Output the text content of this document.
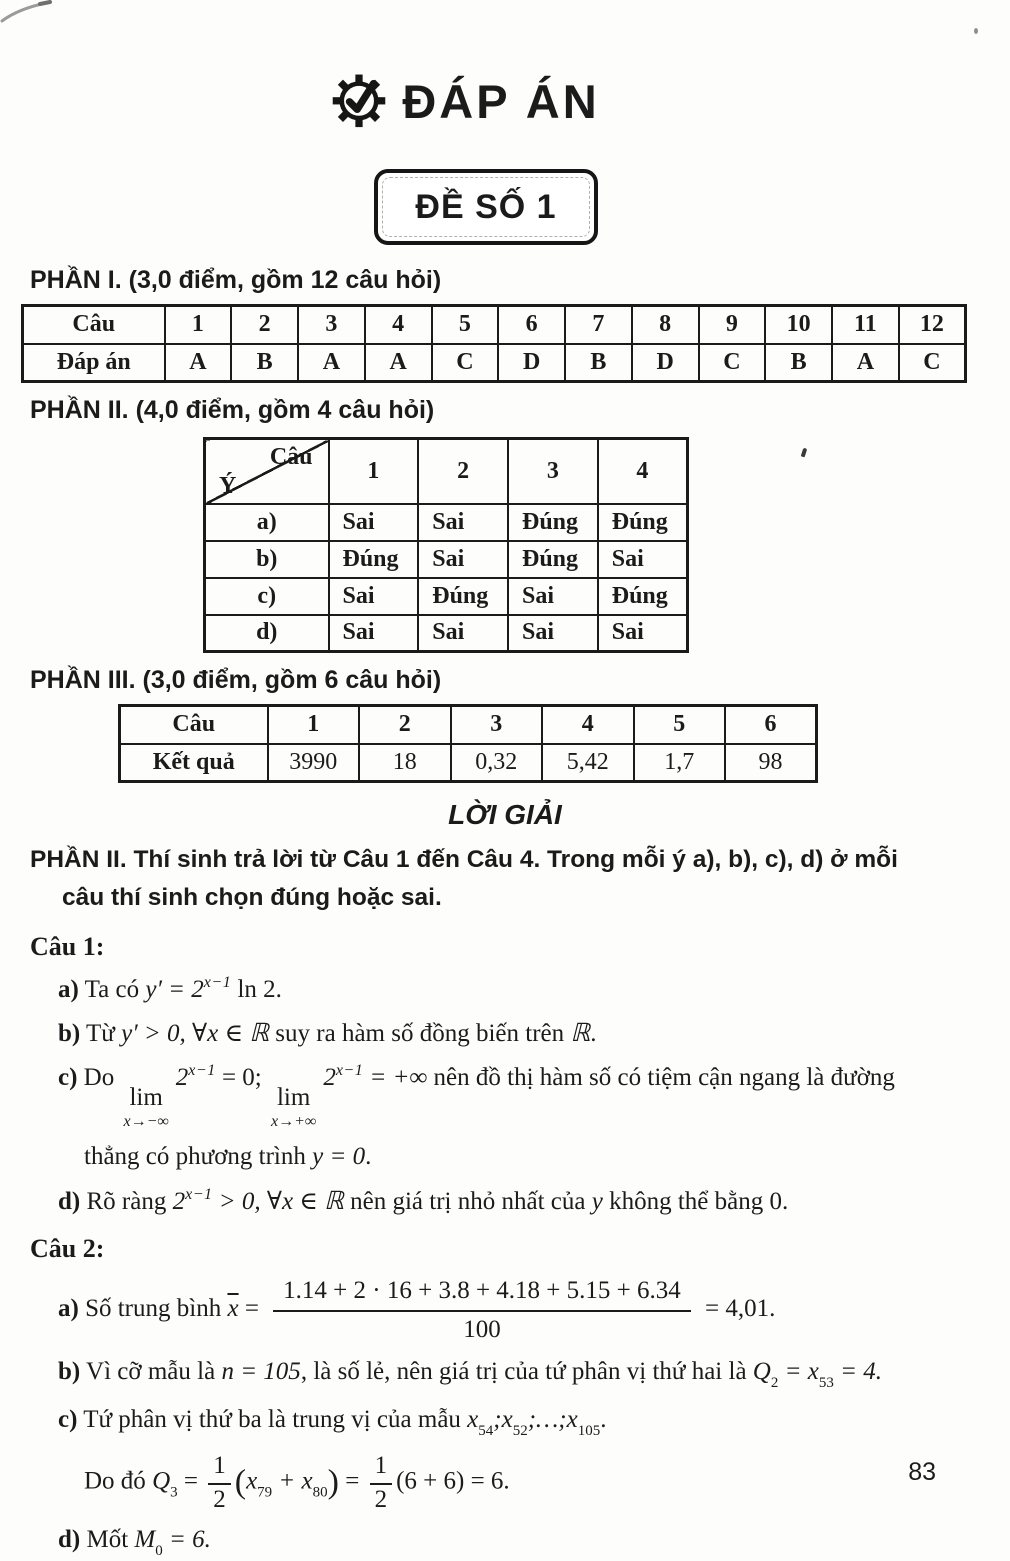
ĐÁP ÁN
ĐỀ SỐ 1
PHẦN I. (3,0 điểm, gồm 12 câu hỏi)
Câu	1	2	3	4	5	6	7	8	9	10	11	12
Đáp án	A	B	A	A	C	D	B	D	C	B	A	C
PHẦN II. (4,0 điểm, gồm 4 câu hỏi)
Câu
Ý	1	2	3	4
a)	Sai	Sai	Đúng	Đúng
b)	Đúng	Sai	Đúng	Sai
c)	Sai	Đúng	Sai	Đúng
d)	Sai	Sai	Sai	Sai
PHẦN III. (3,0 điểm, gồm 6 câu hỏi)
Câu	1	2	3	4	5	6
Kết quả	3990	18	0,32	5,42	1,7	98
LỜI GIẢI
PHẦN II. Thí sinh trả lời từ Câu 1 đến Câu 4. Trong mỗi ý a), b), c), d) ở mỗi
câu thí sinh chọn đúng hoặc sai.
Câu 1:
a) Ta có $y' = 2^{x-1}$ ln 2.
b) Từ y′ > 0, ∀x ∈ ℝ suy ra hàm số đồng biến trên ℝ.
c) Do
lim
x→−∞
$2^{x-1} = 0$;
lim
x→+∞
$2^{x-1}$ = +∞ nên đồ thị hàm số có tiệm cận ngang là đường
thẳng có phương trình y = 0.
d) Rõ ràng $2^{x-1} > 0$, ∀x ∈ ℝ nên giá trị nhỏ nhất của y không thể bằng 0.
Câu 2:
a) Số trung bình $\overline{x} = \frac{1.14 + 2 \cdot 16 + 3.8 + 4.18 + 5.15 + 6.34}{100} = 4,01$.
b) Vì cỡ mẫu là n = 105, là số lẻ, nên giá trị của tứ phân vị thứ hai là $Q_2 = x_{53} = 4$.
c) Tứ phân vị thứ ba là trung vị của mẫu $x_{54};x_{52};\dots;x_{105}$.
Do đó $Q_3 = \frac{1}{2} (x_{79} + x_{80}) = \frac{1}{2} (6 + 6) = 6$.
d) Mốt $M_0 = 6$.
83
